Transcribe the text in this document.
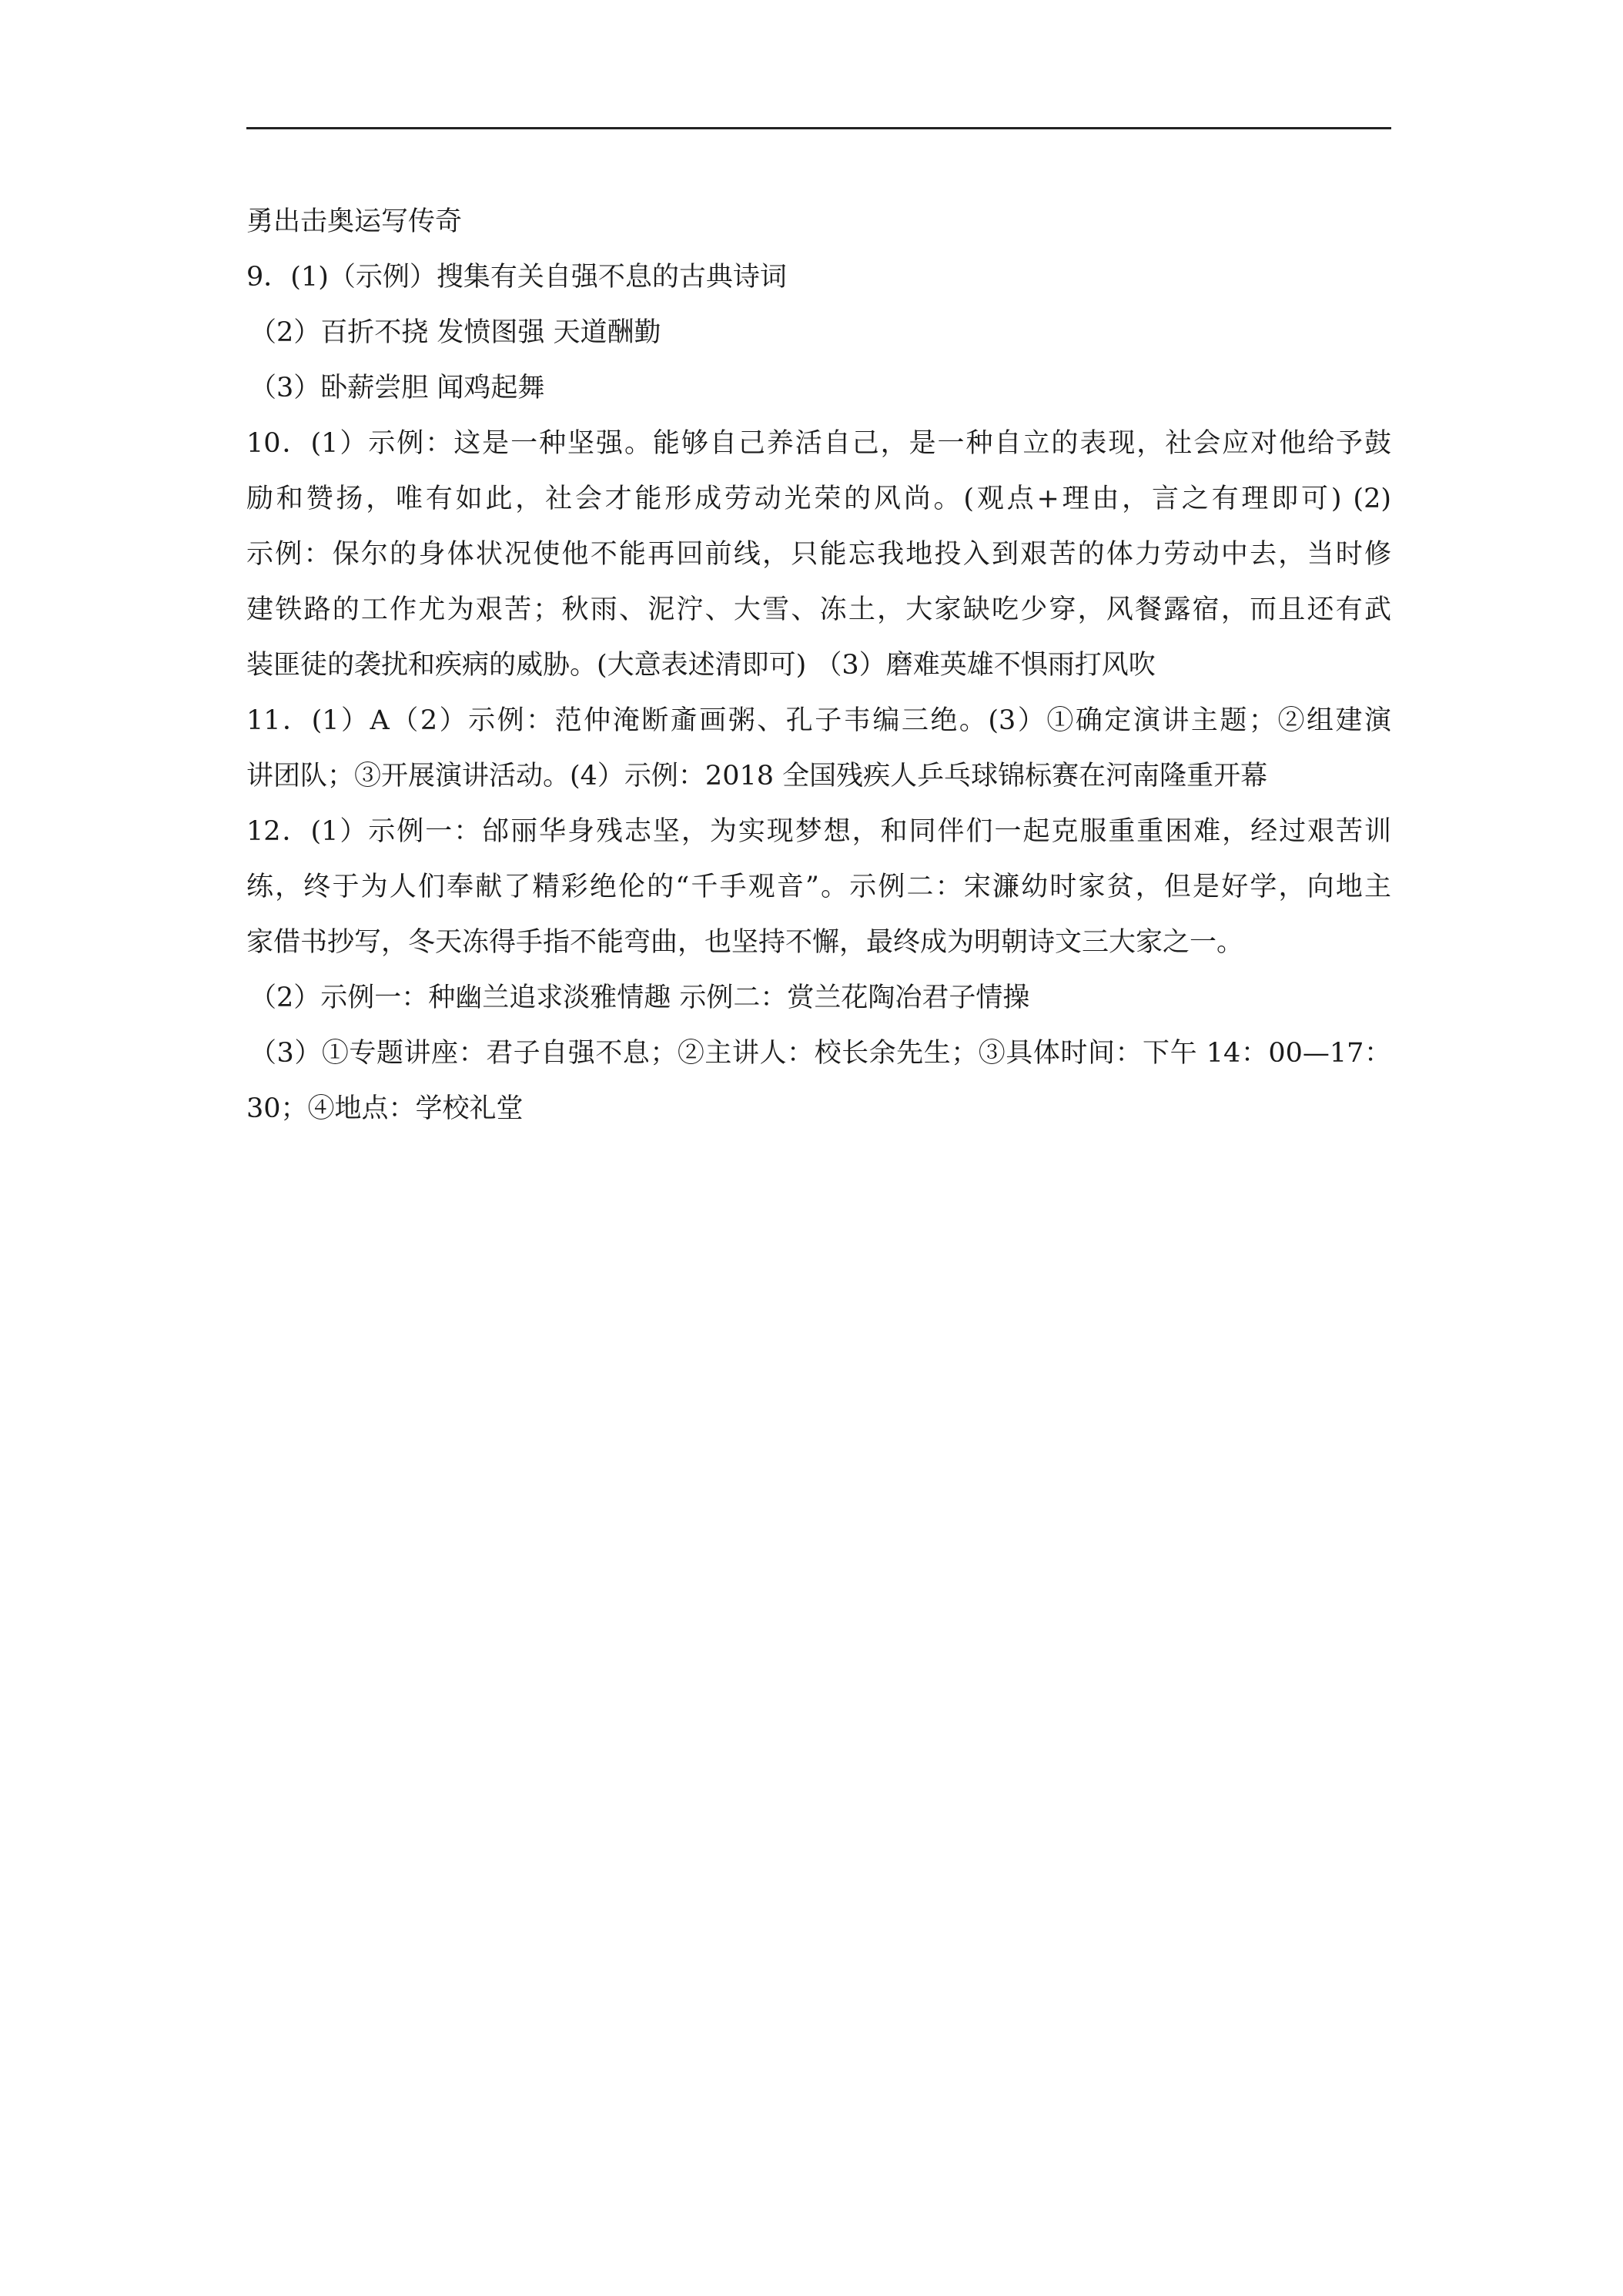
勇出击奥运写传奇
9．(1)（示例）搜集有关自强不息的古典诗词
（2）百折不挠 发愤图强 天道酬勤
（3）卧薪尝胆 闻鸡起舞
10．(1）示例：这是一种坚强。能够自己养活自己，是一种自立的表现，社会应对他给予鼓
励和赞扬，唯有如此，社会才能形成劳动光荣的风尚。(观点+理由，言之有理即可) (2)
示例：保尔的身体状况使他不能再回前线，只能忘我地投入到艰苦的体力劳动中去，当时修
建铁路的工作尤为艰苦；秋雨、泥泞、大雪、冻土，大家缺吃少穿，风餐露宿，而且还有武
装匪徒的袭扰和疾病的威胁。(大意表述清即可) （3）磨难英雄不惧雨打风吹
11．(1）A（2）示例：范仲淹断齑画粥、孔子韦编三绝。(3）①确定演讲主题；②组建演
讲团队；③开展演讲活动。(4）示例：2018 全国残疾人乒乓球锦标赛在河南隆重开幕
12．(1）示例一：邰丽华身残志坚，为实现梦想，和同伴们一起克服重重困难，经过艰苦训
练，终于为人们奉献了精彩绝伦的“千手观音”。示例二：宋濂幼时家贫，但是好学，向地主
家借书抄写，冬天冻得手指不能弯曲，也坚持不懈，最终成为明朝诗文三大家之一。
（2）示例一：种幽兰追求淡雅情趣 示例二：赏兰花陶冶君子情操
（3）①专题讲座：君子自强不息；②主讲人：校长余先生；③具体时间：下午 14：00—17：
30；④地点：学校礼堂
